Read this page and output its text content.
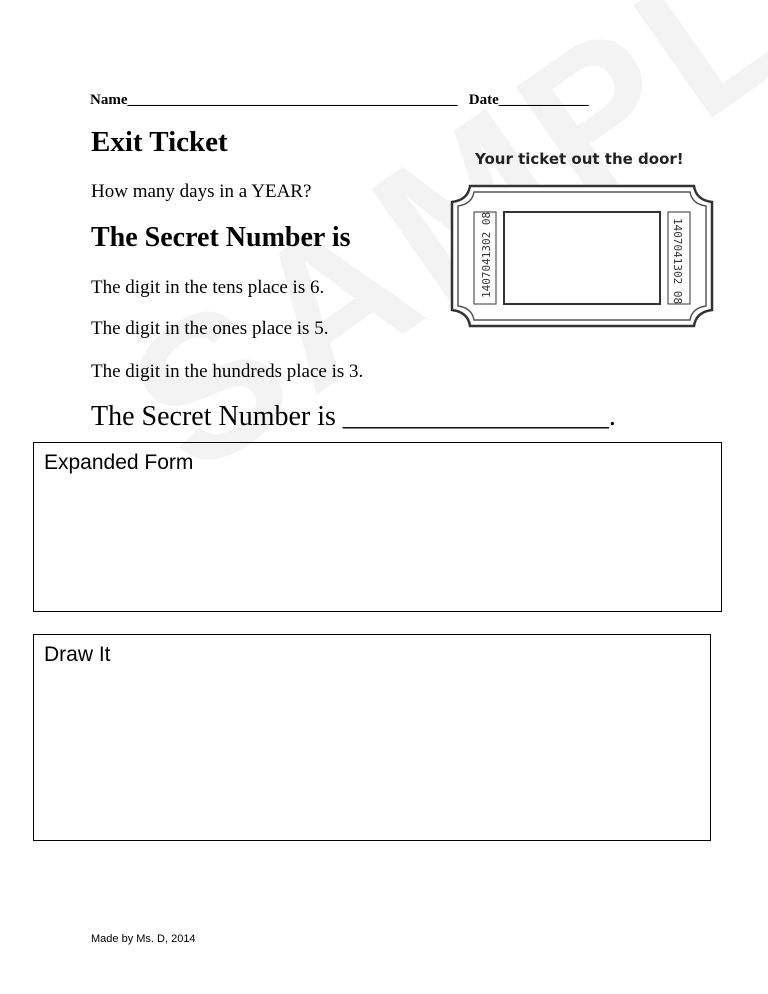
Name____________________________________________ Date____________
Exit Ticket
How many days in a YEAR?
The Secret Number is
The digit in the tens place is 6.
The digit in the ones place is 5.
The digit in the hundreds place is 3.
The Secret Number is ___________________.
Your ticket out the door!
1407041302 08	1407041302 08
Expanded Form
Draw It
Made by Ms. D, 2014
